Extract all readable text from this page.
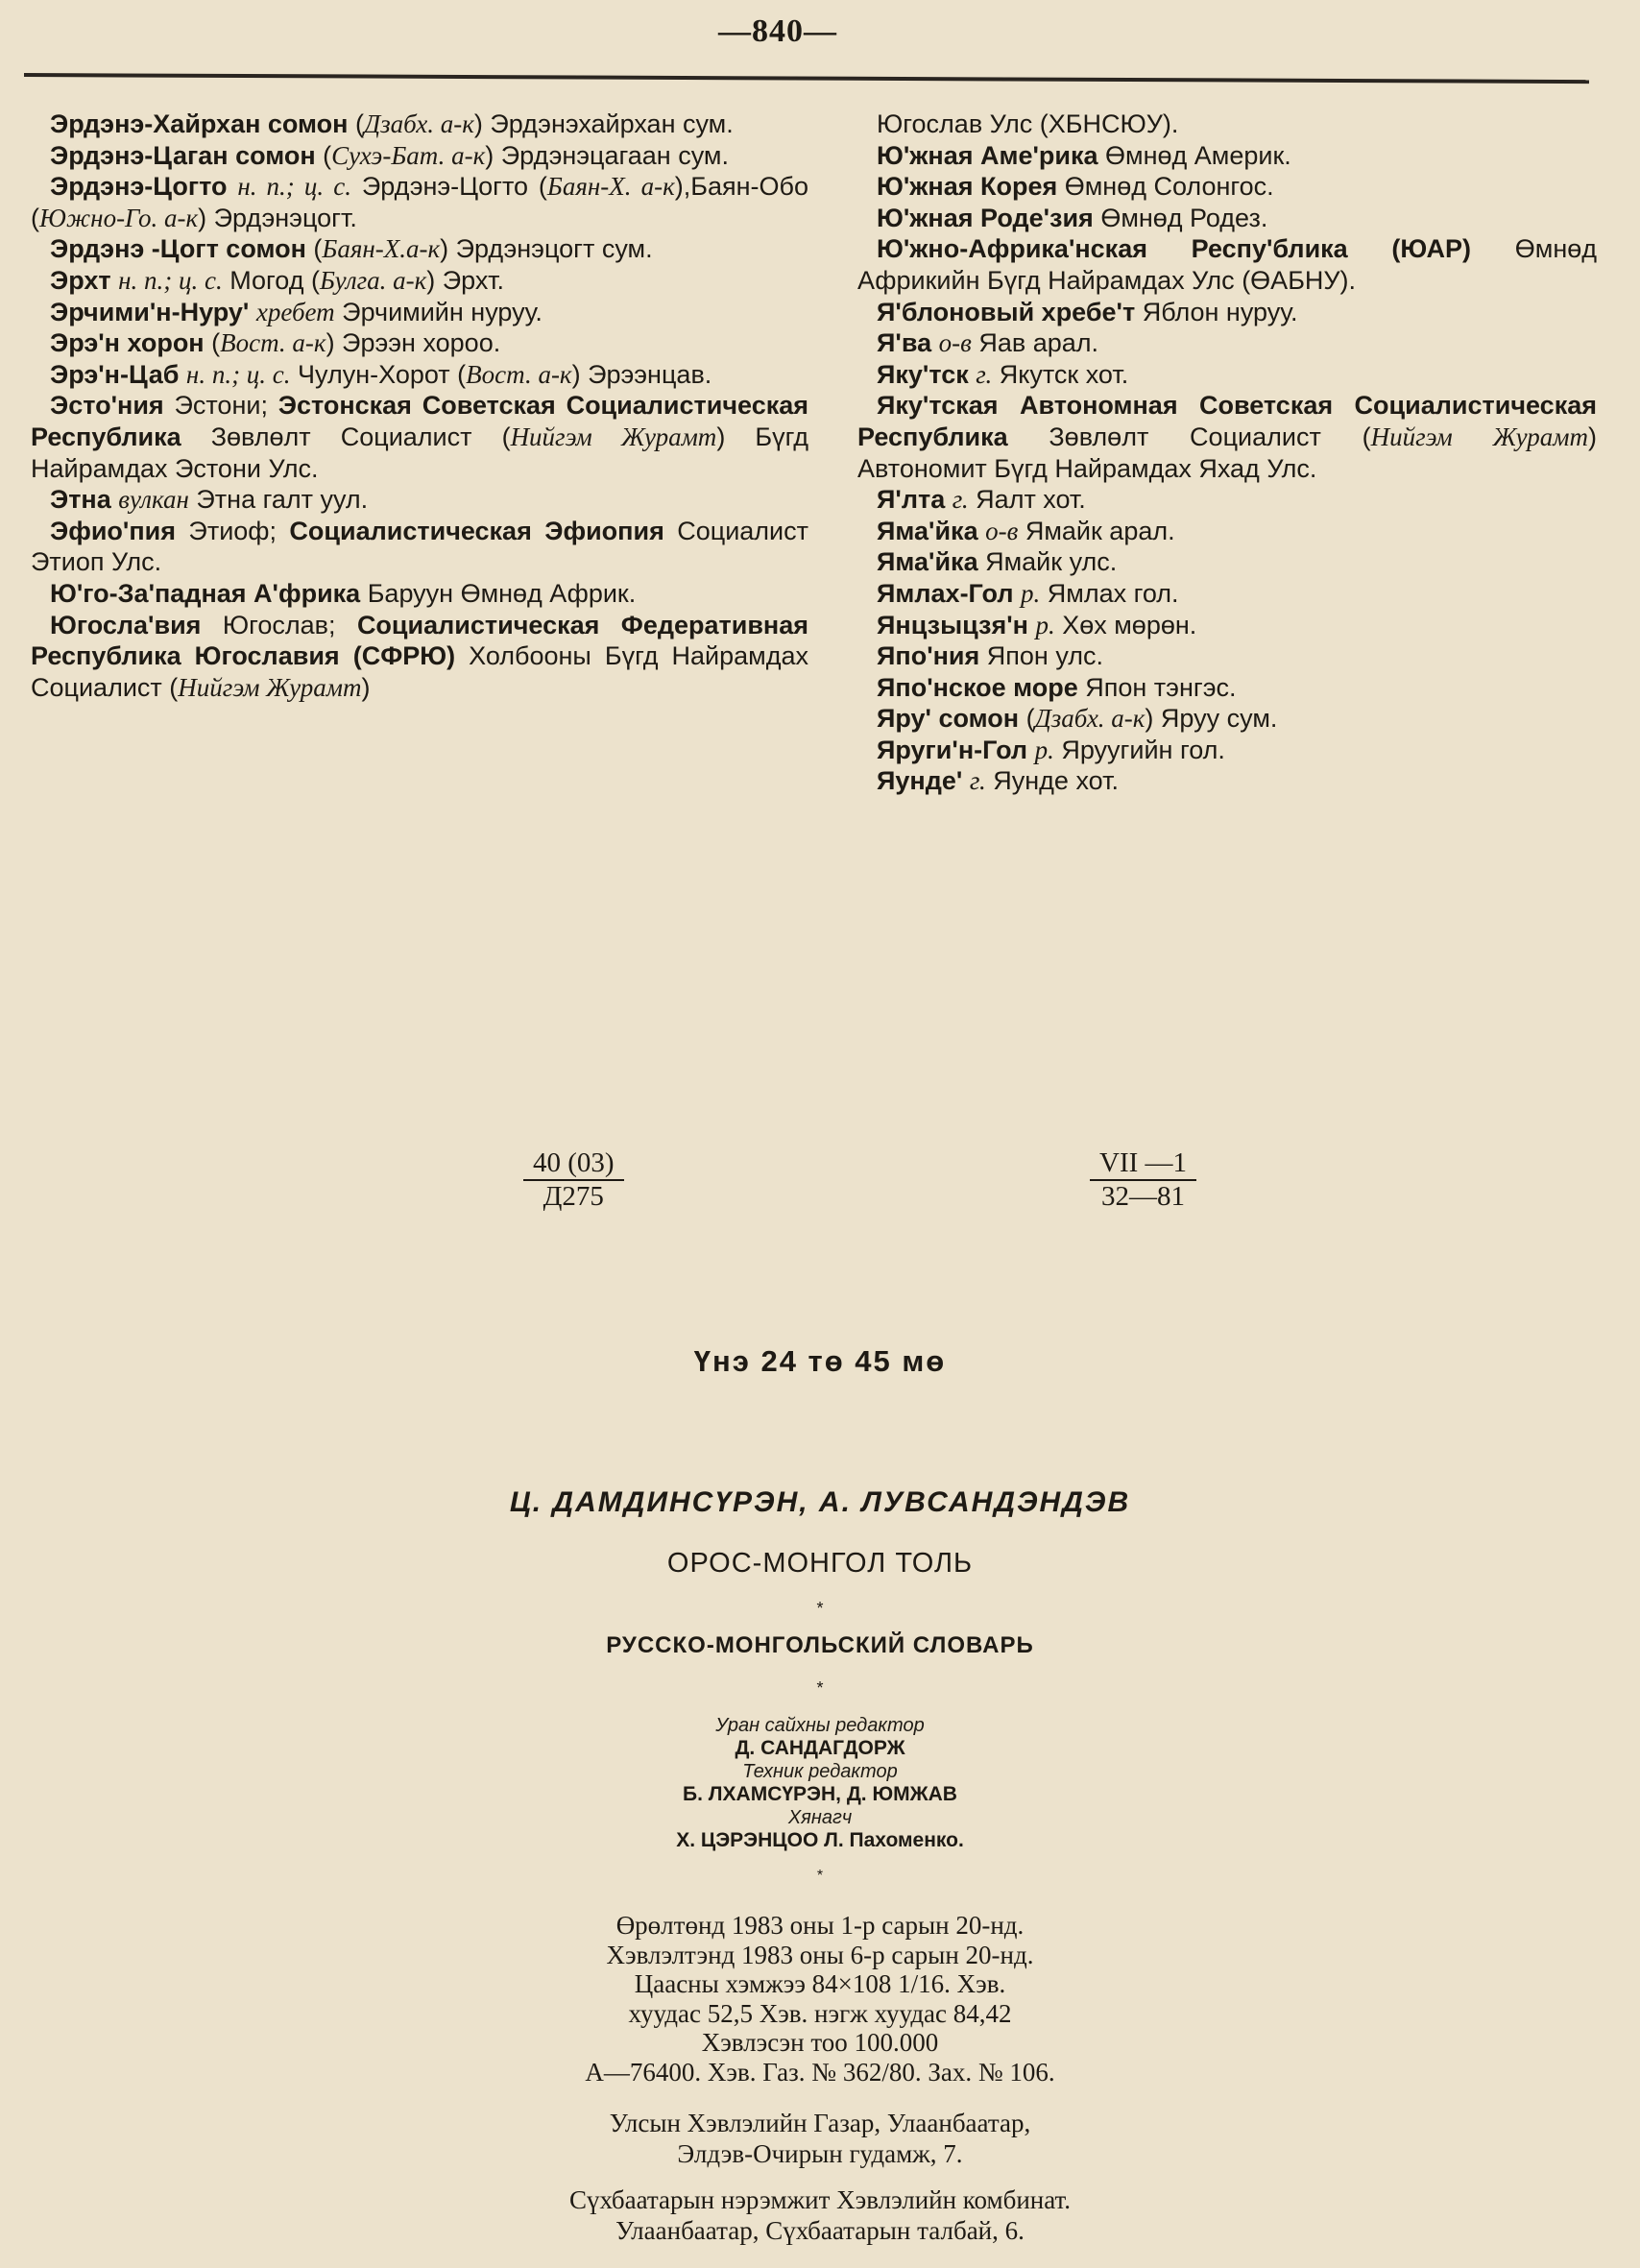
—840—

Эрдэнэ-Хайрхан сомон (Дзабх. а-к) Эрдэнэхайрхан сум.

Эрдэнэ-Цаган сомон (Сухэ-Бат. а-к) Эрдэнэцагаан сум.

Эрдэнэ-Цогто н. п.; ц. с. Эрдэнэ-Цогто (Баян-Х. а-к),Баян-Обо (Южно-Го. а-к) Эрдэнэцогт.

Эрдэнэ -Цогт сомон (Баян-Х.а-к) Эрдэнэцогт сум.

Эрхт н. п.; ц. с. Могод (Булга. а-к) Эрхт.

Эрчими'н-Нуру' хребет Эрчимийн нуруу.

Эрэ'н хорон (Вост. а-к) Эрээн хороо.

Эрэ'н-Цаб н. п.; ц. с. Чулун-Хорот (Вост. а-к) Эрээнцав.

Эсто'ния Эстони; Эстонская Советская Социалистическая Республика Зөвлөлт Социалист (Нийгэм Журамт) Бүгд Найрамдах Эстони Улс.

Этна вулкан Этна галт уул.

Эфио'пия Этиоф; Социалистическая Эфиопия Социалист Этиоп Улс.

Ю'го-За'падная А'фрика Баруун Өмнөд Африк.

Югосла'вия Югослав; Социалистическая Федеративная Республика Югославия (СФРЮ) Холбооны Бүгд Найрамдах Социалист (Нийгэм Журамт)

Югослав Улс (ХБНСЮУ).

Ю'жная Аме'рика Өмнөд Америк.

Ю'жная Корея Өмнөд Солонгос.

Ю'жная Роде'зия Өмнөд Родез.

Ю'жно-Африка'нская Респу'блика (ЮАР) Өмнөд Африкийн Бүгд Найрамдах Улс (ӨАБНУ).

Я'блоновый хребе'т Яблон нуруу.

Я'ва о-в Яав арал.

Яку'тск г. Якутск хот.

Яку'тская Автономная Советская Социалистическая Республика Зөвлөлт Социалист (Нийгэм Журамт) Автономит Бүгд Найрамдах Яхад Улс.

Я'лта г. Яалт хот.

Яма'йка о-в Ямайк арал.

Яма'йка Ямайк улс.

Ямлах-Гол р. Ямлах гол.

Янцзыцзя'н р. Хөх мөрөн.

Япо'ния Япон улс.

Япо'нское море Япон тэнгэс.

Яру' сомон (Дзабх. а-к) Яруу сум.

Яруги'н-Гол р. Яруугийн гол.

Яунде' г. Яунде хот.

40 (03)
Д275
VII —1
32—81
Үнэ 24 тө 45 мө
Ц. ДАМДИНСҮРЭН, А. ЛУВСАНДЭНДЭВ
ОРОС-МОНГОЛ ТОЛЬ
*
РУССКО-МОНГОЛЬСКИЙ СЛОВАРЬ
*
Уран сайхны редактор
Д. САНДАГДОРЖ
Техник редактор
Б. ЛХАМСҮРЭН, Д. ЮМЖАВ
Хянагч
Х. ЦЭРЭНЦОО Л. Пахоменко.
*
Өрөлтөнд 1983 оны 1-р сарын 20-нд.
Хэвлэлтэнд 1983 оны 6-р сарын 20-нд.
Цаасны хэмжээ 84×108 1/16. Хэв.
хуудас 52,5 Хэв. нэгж хуудас 84,42
Хэвлэсэн тоо 100.000
А—76400. Хэв. Газ. № 362/80. Зах. № 106.
Улсын Хэвлэлийн Газар, Улаанбаатар,
Элдэв-Очирын гудамж, 7.
Сүхбаатарын нэрэмжит Хэвлэлийн комбинат.
Улаанбаатар, Сүхбаатарын талбай, 6.
